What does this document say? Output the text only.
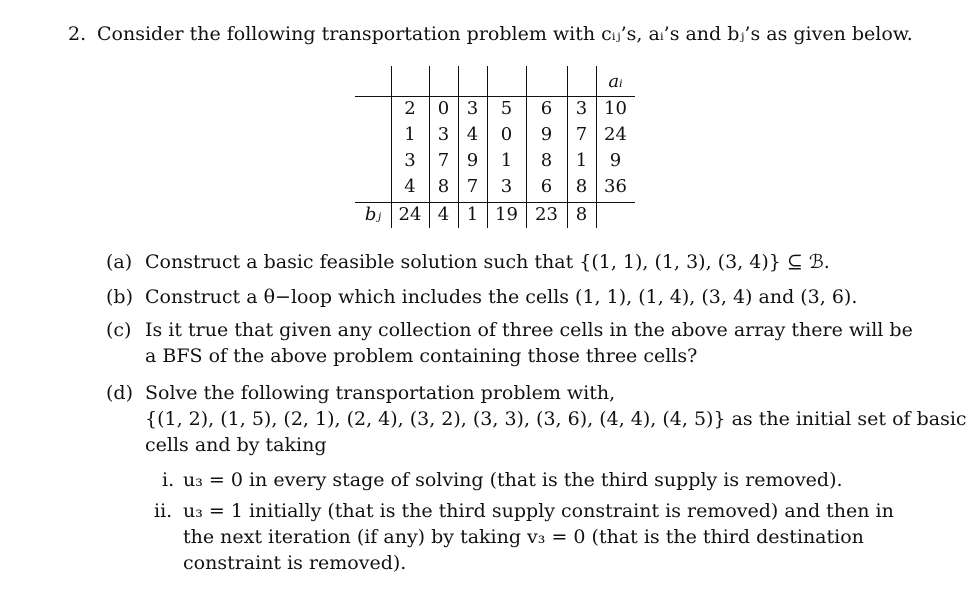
2. Consider the following transportation problem with cᵢⱼ’s, aᵢ’s and bⱼ’s as given below.
aᵢ
2	0 3	5	6	3 10
1	3 4	0	9	7 24
3	7 9	1	8	1	9
4	8 7	3	6	8 36
bⱼ 24 4 1 19 23 8
(a) Construct a basic feasible solution such that {(1, 1), (1, 3), (3, 4)} ⊆ ℬ.
(b) Construct a θ−loop which includes the cells (1, 1), (1, 4), (3, 4) and (3, 6).
(c) Is it true that given any collection of three cells in the above array there will be
a BFS of the above problem containing those three cells?
(d) Solve the following transportation problem with,
{(1, 2), (1, 5), (2, 1), (2, 4), (3, 2), (3, 3), (3, 6), (4, 4), (4, 5)} as the initial set of basic
cells and by taking
i. u₃ = 0 in every stage of solving (that is the third supply is removed).
ii. u₃ = 1 initially (that is the third supply constraint is removed) and then in
the next iteration (if any) by taking v₃ = 0 (that is the third destination
constraint is removed).
